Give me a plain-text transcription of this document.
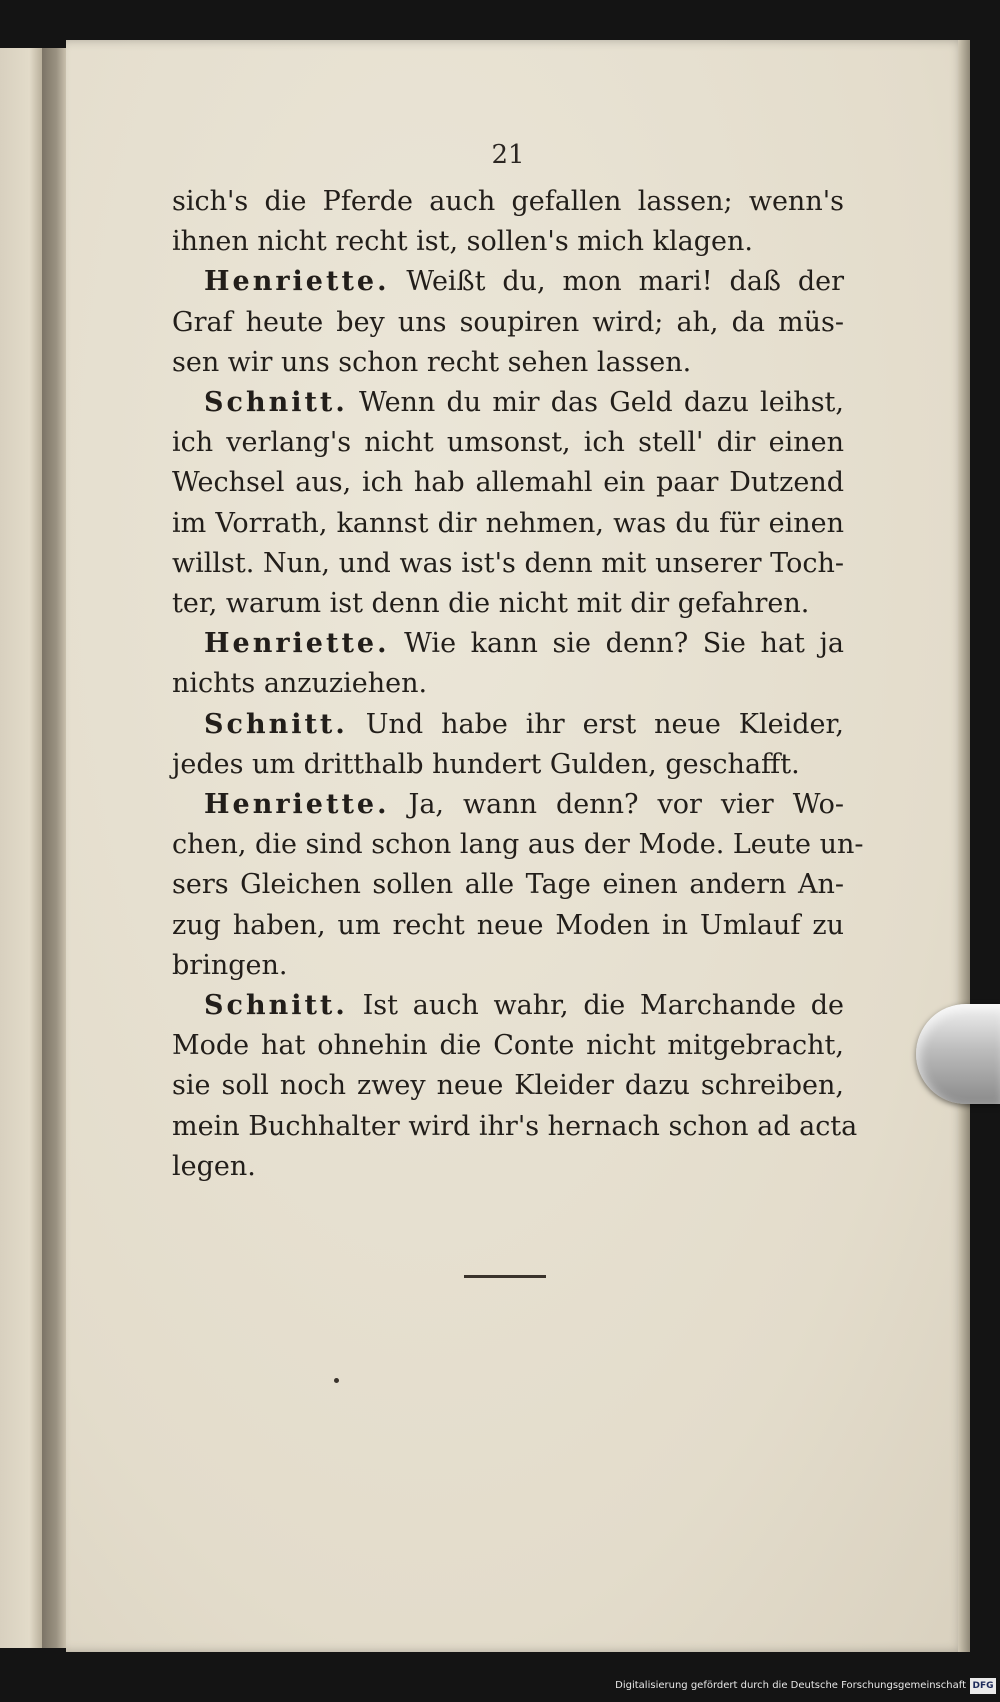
21
sich's die Pferde auch gefallen lassen; wenn's
ihnen nicht recht ist, sollen's mich klagen.
Henriette. Weißt du, mon mari! daß der
Graf heute bey uns soupiren wird; ah, da müs-
sen wir uns schon recht sehen lassen.
Schnitt. Wenn du mir das Geld dazu leihst,
ich verlang's nicht umsonst, ich stell' dir einen
Wechsel aus, ich hab allemahl ein paar Dutzend
im Vorrath, kannst dir nehmen, was du für einen
willst. Nun, und was ist's denn mit unserer Toch-
ter, warum ist denn die nicht mit dir gefahren.
Henriette. Wie kann sie denn? Sie hat ja
nichts anzuziehen.
Schnitt. Und habe ihr erst neue Kleider,
jedes um dritthalb hundert Gulden, geschafft.
Henriette. Ja, wann denn? vor vier Wo-
chen, die sind schon lang aus der Mode. Leute un-
sers Gleichen sollen alle Tage einen andern An-
zug haben, um recht neue Moden in Umlauf zu
bringen.
Schnitt. Ist auch wahr, die Marchande de
Mode hat ohnehin die Conte nicht mitgebracht,
sie soll noch zwey neue Kleider dazu schreiben,
mein Buchhalter wird ihr's hernach schon ad acta
legen.
Digitalisierung gefördert durch die Deutsche Forschungsgemeinschaft DFG
